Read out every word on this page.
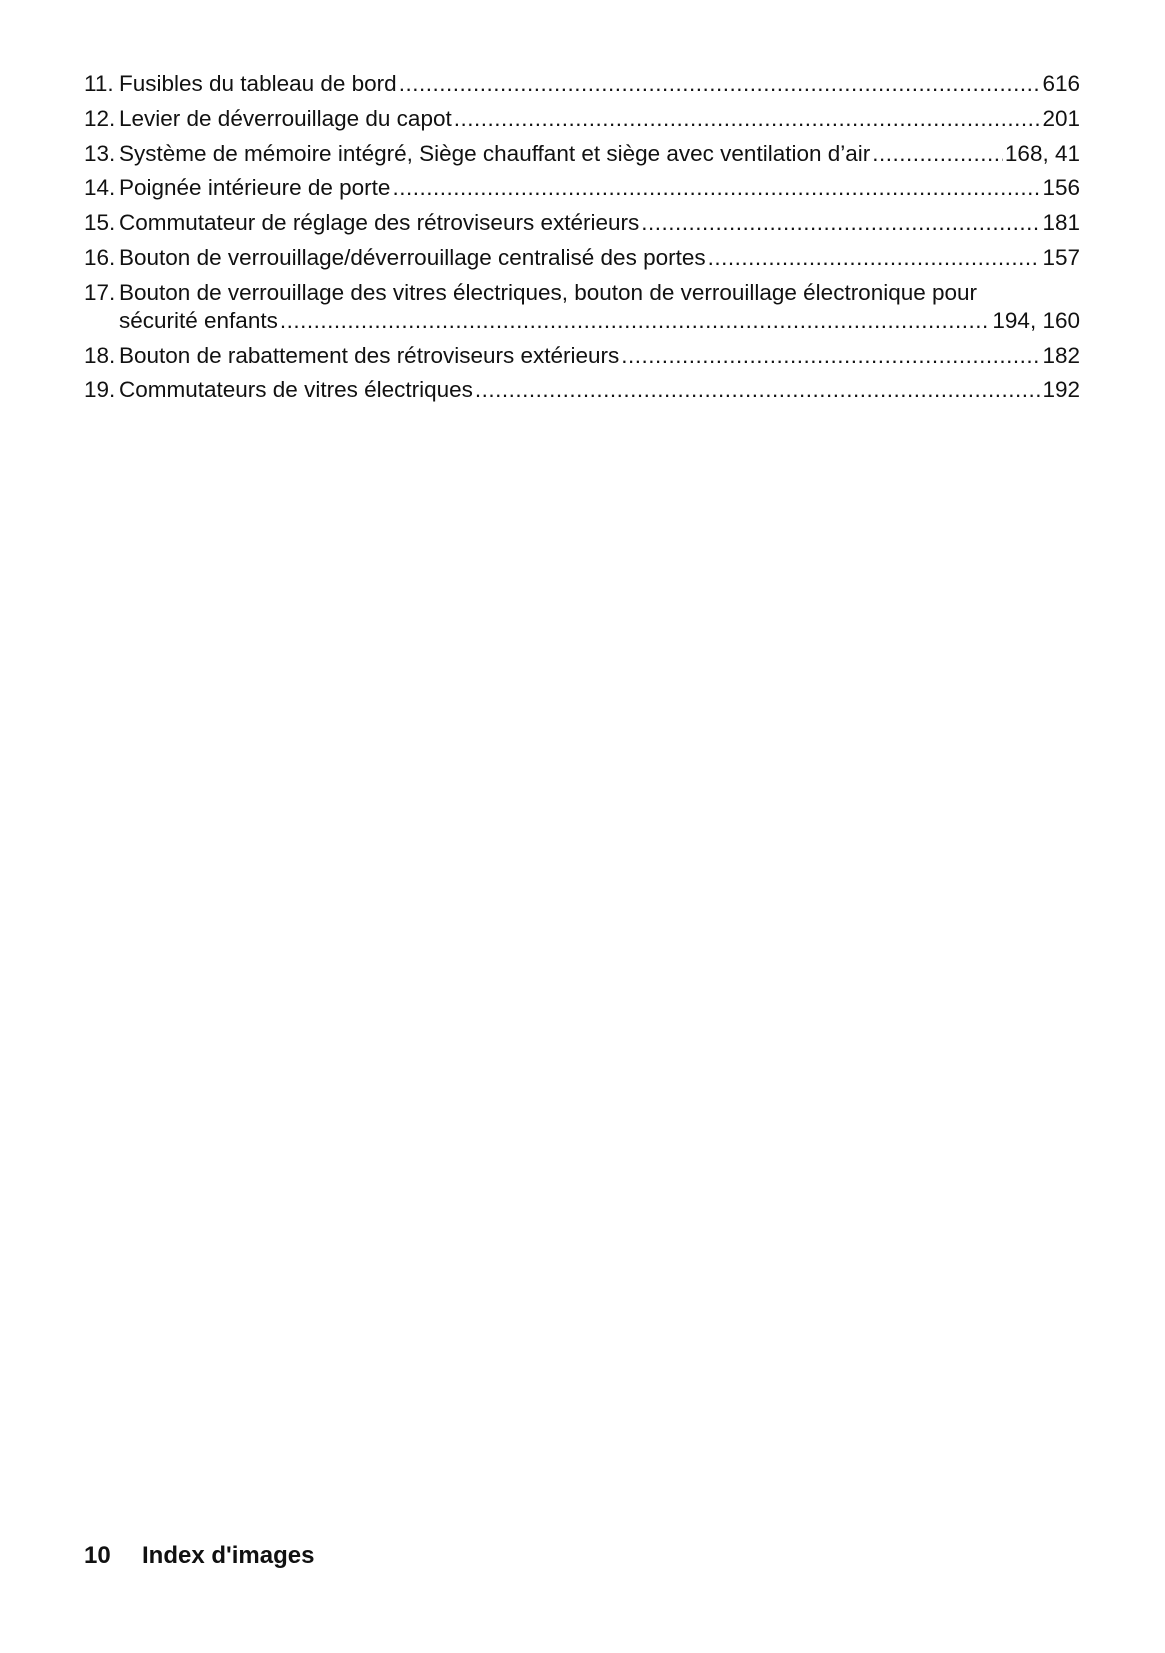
11. Fusibles du tableau de bord .....	616
12. Levier de déverrouillage du capot .....	201
13. Système de mémoire intégré, Siège chauffant et siège avec ventilation d’air .....	168, 41
14. Poignée intérieure de porte .....	156
15. Commutateur de réglage des rétroviseurs extérieurs .....	181
16. Bouton de verrouillage/déverrouillage centralisé des portes .....	157
17. Bouton de verrouillage des vitres électriques, bouton de verrouillage électronique pour
sécurité enfants .....	194, 160
18. Bouton de rabattement des rétroviseurs extérieurs .....	182
19. Commutateurs de vitres électriques .....	192
10 Index d'images
